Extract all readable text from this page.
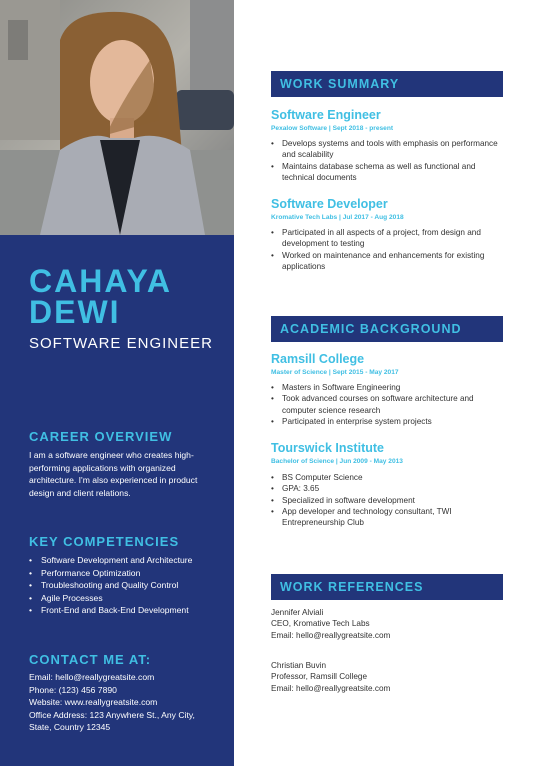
CAHAYA
DEWI
SOFTWARE ENGINEER
CAREER OVERVIEW
I am a software engineer who creates high-performing applications with organized architecture. I'm also experienced in product design and client relations.
KEY COMPETENCIES
• Software Development and Architecture
• Performance Optimization
• Troubleshooting and Quality Control
• Agile Processes
• Front-End and Back-End Development
CONTACT ME AT:
Email: hello@reallygreatsite.com
Phone: (123) 456 7890
Website: www.reallygreatsite.com
Office Address: 123 Anywhere St., Any City,
State, Country 12345
WORK SUMMARY
Software Engineer
Pexalow Software | Sept 2018 - present
• Develops systems and tools with emphasis on performance and scalability
• Maintains database schema as well as functional and technical documents
Software Developer
Kromative Tech Labs | Jul 2017 - Aug 2018
• Participated in all aspects of a project, from design and development to testing
• Worked on maintenance and enhancements for existing applications
ACADEMIC BACKGROUND
Ramsill College
Master of Science | Sept 2015 - May 2017
• Masters in Software Engineering
• Took advanced courses on software architecture and computer science research
• Participated in enterprise system projects
Tourswick Institute
Bachelor of Science | Jun 2009 - May 2013
• BS Computer Science
• GPA: 3.65
• Specialized in software development
• App developer and technology consultant, TWI Entrepreneurship Club
WORK REFERENCES
Jennifer Alviali
CEO, Kromative Tech Labs
Email: hello@reallygreatsite.com
Christian Buvin
Professor, Ramsill College
Email: hello@reallygreatsite.com
